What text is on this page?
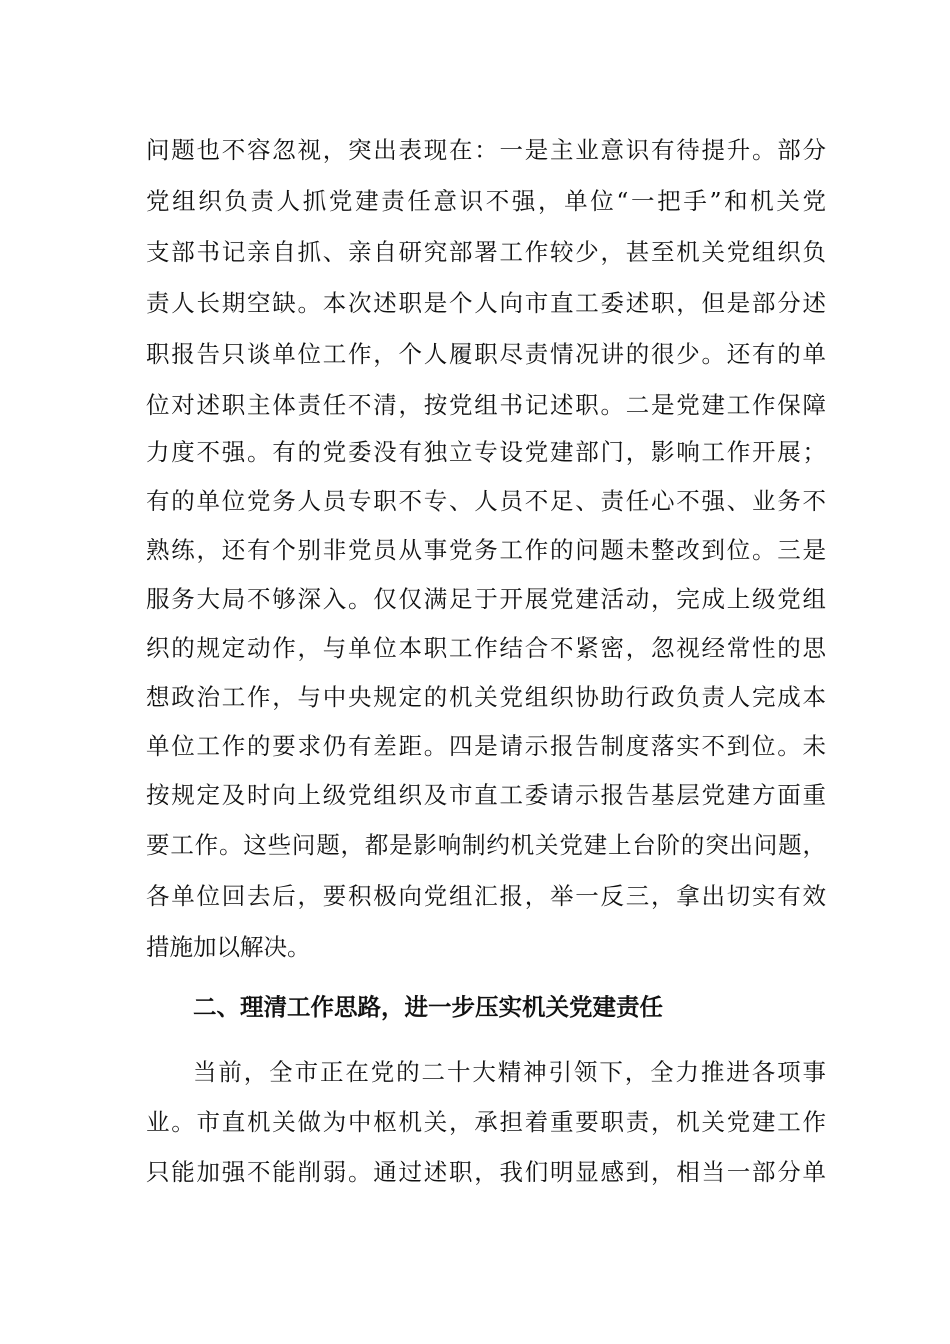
问题也不容忽视，突出表现在：一是主业意识有待提升。部分
党组织负责人抓党建责任意识不强，单位“一把手”和机关党
支部书记亲自抓、亲自研究部署工作较少，甚至机关党组织负
责人长期空缺。本次述职是个人向市直工委述职，但是部分述
职报告只谈单位工作，个人履职尽责情况讲的很少。还有的单
位对述职主体责任不清，按党组书记述职。二是党建工作保障
力度不强。有的党委没有独立专设党建部门，影响工作开展；
有的单位党务人员专职不专、人员不足、责任心不强、业务不
熟练，还有个别非党员从事党务工作的问题未整改到位。三是
服务大局不够深入。仅仅满足于开展党建活动，完成上级党组
织的规定动作，与单位本职工作结合不紧密，忽视经常性的思
想政治工作，与中央规定的机关党组织协助行政负责人完成本
单位工作的要求仍有差距。四是请示报告制度落实不到位。未
按规定及时向上级党组织及市直工委请示报告基层党建方面重
要工作。这些问题，都是影响制约机关党建上台阶的突出问题，
各单位回去后，要积极向党组汇报，举一反三，拿出切实有效
措施加以解决。
二、理清工作思路，进一步压实机关党建责任
当前，全市正在党的二十大精神引领下，全力推进各项事
业。市直机关做为中枢机关，承担着重要职责，机关党建工作
只能加强不能削弱。通过述职，我们明显感到，相当一部分单
